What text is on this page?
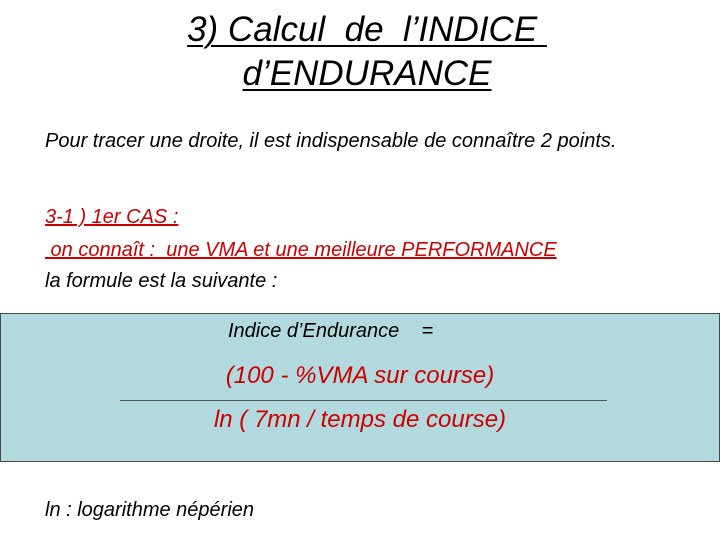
3) Calcul  de  l’INDICE
d’ENDURANCE
Pour tracer une droite, il est indispensable de connaître 2 points.
3-1 ) 1er CAS :
on connaît :  une VMA et une meilleure PERFORMANCE
la formule est la suivante :
Indice d’Endurance    =
(100 - %VMA sur course)
ln ( 7mn / temps de course)
ln : logarithme népérien
